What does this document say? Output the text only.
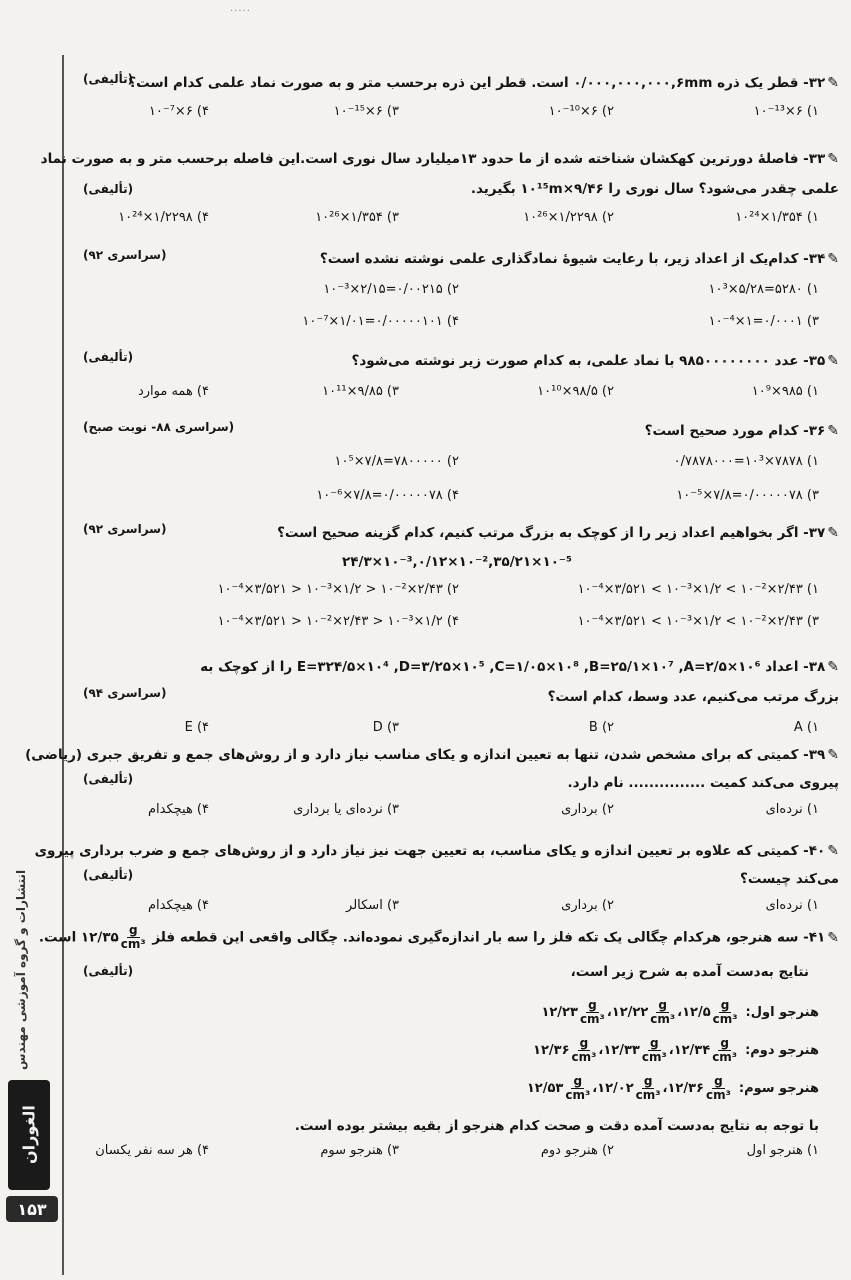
·····
انتشارات و گروه آموزشی مهندس
الغوران
۱۵۳
✎۳۲- قطر یک ذره ۰/۰۰۰,۰۰۰,۰۰۰,۶mm است. قطر این ذره برحسب متر و به صورت نماد علمی کدام است؟
(تألیفی)
۱) ۶×۱۰⁻¹³
۲) ۶×۱۰⁻¹⁰
۳) ۶×۱۰⁻¹⁵
۴) ۶×۱۰⁻⁷
✎۳۳- فاصلهٔ دورترین کهکشان شناخته شده از ما حدود ۱۳میلیارد سال نوری است.این فاصله برحسب متر و به صورت نماد
علمی چقدر می‌شود؟ سال نوری را ۹/۴۶×۱۰¹⁵m بگیرید.
(تألیفی)
۱) ۱/۳۵۴×۱۰²⁴
۲) ۱/۲۲۹۸×۱۰²⁶
۳) ۱/۳۵۴×۱۰²⁶
۴) ۱/۲۲۹۸×۱۰²⁴
✎۳۴- کدام‌یک از اعداد زیر، با رعایت شیوهٔ نمادگذاری علمی نوشته نشده است؟
(سراسری ۹۲)
۱) ۵۲۸۰=۵/۲۸×۱۰³
۲) ۰/۰۰۲۱۵=۲/۱۵×۱۰⁻³
۳) ۰/۰۰۰۱=۱×۱۰⁻⁴
۴) ۰/۰۰۰۰۰۱۰۱=۱/۰۱×۱۰⁻⁷
✎۳۵- عدد ۹۸۵۰۰۰۰۰۰۰۰ با نماد علمی، به کدام صورت زیر نوشته می‌شود؟
(تألیفی)
۱) ۹۸۵×۱۰⁹
۲) ۹۸/۵×۱۰¹⁰
۳) ۹/۸۵×۱۰¹¹
۴) همه موارد
✎۳۶- کدام مورد صحیح است؟
(سراسری ۸۸- نوبت صبح)
۱) ۷۸۷۸×۱۰³=۰/۷۸۷۸۰۰۰
۲) ۷۸۰۰۰۰۰=۷/۸×۱۰⁵
۳) ۰/۰۰۰۰۰۷۸=۷/۸×۱۰⁻⁵
۴) ۰/۰۰۰۰۰۷۸=۷/۸×۱۰⁻⁶
✎۳۷- اگر بخواهیم اعداد زیر را از کوچک به بزرگ مرتب کنیم، کدام گزینه صحیح است؟
(سراسری ۹۲)
۲۴/۳×۱۰⁻³,۰/۱۲×۱۰⁻²,۳۵/۲۱×۱۰⁻⁵
۱) ۲/۴۳×۱۰⁻² > ۱/۲×۱۰⁻³ > ۳/۵۲۱×۱۰⁻⁴
۲) ۲/۴۳×۱۰⁻² < ۱/۲×۱۰⁻³ < ۳/۵۲۱×۱۰⁻⁴
۳) ۲/۴۳×۱۰⁻² > ۱/۲×۱۰⁻³ > ۳/۵۲۱×۱۰⁻⁴
۴) ۱/۲×۱۰⁻³ < ۲/۴۳×۱۰⁻² < ۳/۵۲۱×۱۰⁻⁴
✎۳۸- اعداد E=۳۲۴/۵×۱۰⁴ ,D=۳/۲۵×۱۰⁵ ,C=۱/۰۵×۱۰⁸ ,B=۲۵/۱×۱۰⁷ ,A=۲/۵×۱۰⁶ را از کوچک به
بزرگ مرتب می‌کنیم، عدد وسط، کدام است؟
(سراسری ۹۴)
A (۱
B (۲
D (۳
E (۴
✎۳۹- کمیتی که برای مشخص شدن، تنها به تعیین اندازه و یکای مناسب نیاز دارد و از روش‌های جمع و تفریق جبری (ریاضی)
پیروی می‌کند کمیت ............... نام دارد.
(تألیفی)
۱) نرده‌ای
۲) برداری
۳) نرده‌ای یا برداری
۴) هیچکدام
✎۴۰- کمیتی که علاوه بر تعیین اندازه و یکای مناسب، به تعیین جهت نیز نیاز دارد و از روش‌های جمع و ضرب برداری پیروی
می‌کند چیست؟
(تألیفی)
۱) نرده‌ای
۲) برداری
۳) اسکالر
۴) هیچکدام
✎۴۱- سه هنرجو، هرکدام چگالی یک تکه فلز را سه بار اندازه‌گیری نموده‌اند. چگالی واقعی این قطعه فلز
$\frac{g}{\text{cm³}}$
۱۲/۳۵ است.
نتایج به‌دست آمده به شرح زیر است،
(تألیفی)
هنرجو اول:
$\frac{g}{\text{cm³}}$
۱۲/۵
،
$\frac{g}{\text{cm³}}$
۱۲/۲۲
،
$\frac{g}{\text{cm³}}$
۱۲/۲۳
هنرجو دوم:
$\frac{g}{\text{cm³}}$
۱۲/۳۴
،
$\frac{g}{\text{cm³}}$
۱۲/۳۳
،
$\frac{g}{\text{cm³}}$
۱۲/۳۶
هنرجو سوم:
$\frac{g}{\text{cm³}}$
۱۲/۳۶
،
$\frac{g}{\text{cm³}}$
۱۲/۰۲
،
$\frac{g}{\text{cm³}}$
۱۲/۵۳
با توجه به نتایج به‌دست آمده دقت و صحت کدام هنرجو از بقیه بیشتر بوده است.
۱) هنرجو اول
۲) هنرجو دوم
۳) هنرجو سوم
۴) هر سه نفر یکسان
